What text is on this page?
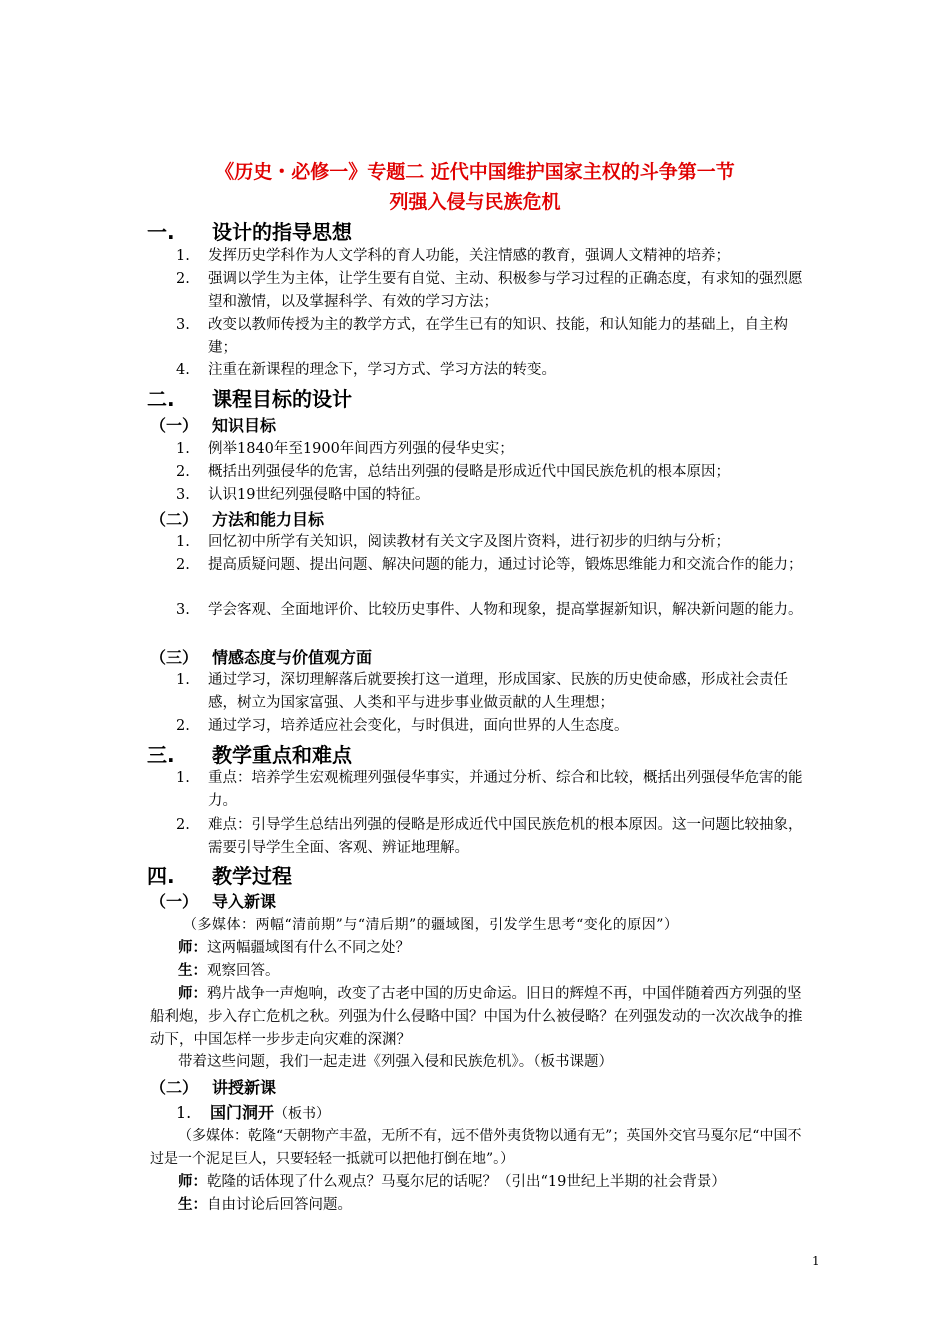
《历史・必修一》专题二 近代中国维护国家主权的斗争第一节
列强入侵与民族危机
一. 设计的指导思想
1. 发挥历史学科作为人文学科的育人功能，关注情感的教育，强调人文精神的培养；
2. 强调以学生为主体，让学生要有自觉、主动、积极参与学习过程的正确态度，有求知的强烈愿望和激情，以及掌握科学、有效的学习方法；
3. 改变以教师传授为主的教学方式，在学生已有的知识、技能，和认知能力的基础上，自主构建；
4. 注重在新课程的理念下，学习方式、学习方法的转变。
二. 课程目标的设计
（一） 知识目标
1. 例举1840年至1900年间西方列强的侵华史实；
2. 概括出列强侵华的危害，总结出列强的侵略是形成近代中国民族危机的根本原因；
3. 认识19世纪列强侵略中国的特征。
（二） 方法和能力目标
1. 回忆初中所学有关知识，阅读教材有关文字及图片资料，进行初步的归纳与分析；
2. 提高质疑问题、提出问题、解决问题的能力，通过讨论等，锻炼思维能力和交流合作的能力；
3. 学会客观、全面地评价、比较历史事件、人物和现象，提高掌握新知识，解决新问题的能力。
（三） 情感态度与价值观方面
1. 通过学习，深切理解落后就要挨打这一道理，形成国家、民族的历史使命感，形成社会责任感，树立为国家富强、人类和平与进步事业做贡献的人生理想；
2. 通过学习，培养适应社会变化，与时俱进，面向世界的人生态度。
三. 教学重点和难点
1. 重点：培养学生宏观梳理列强侵华事实，并通过分析、综合和比较，概括出列强侵华危害的能力。
2. 难点：引导学生总结出列强的侵略是形成近代中国民族危机的根本原因。这一问题比较抽象，需要引导学生全面、客观、辨证地理解。
四. 教学过程
（一） 导入新课
（多媒体：两幅“清前期”与“清后期”的疆域图，引发学生思考“变化的原因”）
师：这两幅疆域图有什么不同之处？
生：观察回答。
师：鸦片战争一声炮响，改变了古老中国的历史命运。旧日的辉煌不再，中国伴随着西方列强的坚船利炮，步入存亡危机之秋。列强为什么侵略中国？中国为什么被侵略？在列强发动的一次次战争的推动下，中国怎样一步步走向灾难的深渊？
带着这些问题，我们一起走进《列强入侵和民族危机》。（板书课题）
（二） 讲授新课
1. 国门洞开（板书）
（多媒体：乾隆“天朝物产丰盈，无所不有，远不借外夷货物以通有无”；英国外交官马戛尔尼“中国不过是一个泥足巨人，只要轻轻一抵就可以把他打倒在地”。）
师：乾隆的话体现了什么观点？马戛尔尼的话呢？（引出“19世纪上半期的社会背景）
生：自由讨论后回答问题。
1
